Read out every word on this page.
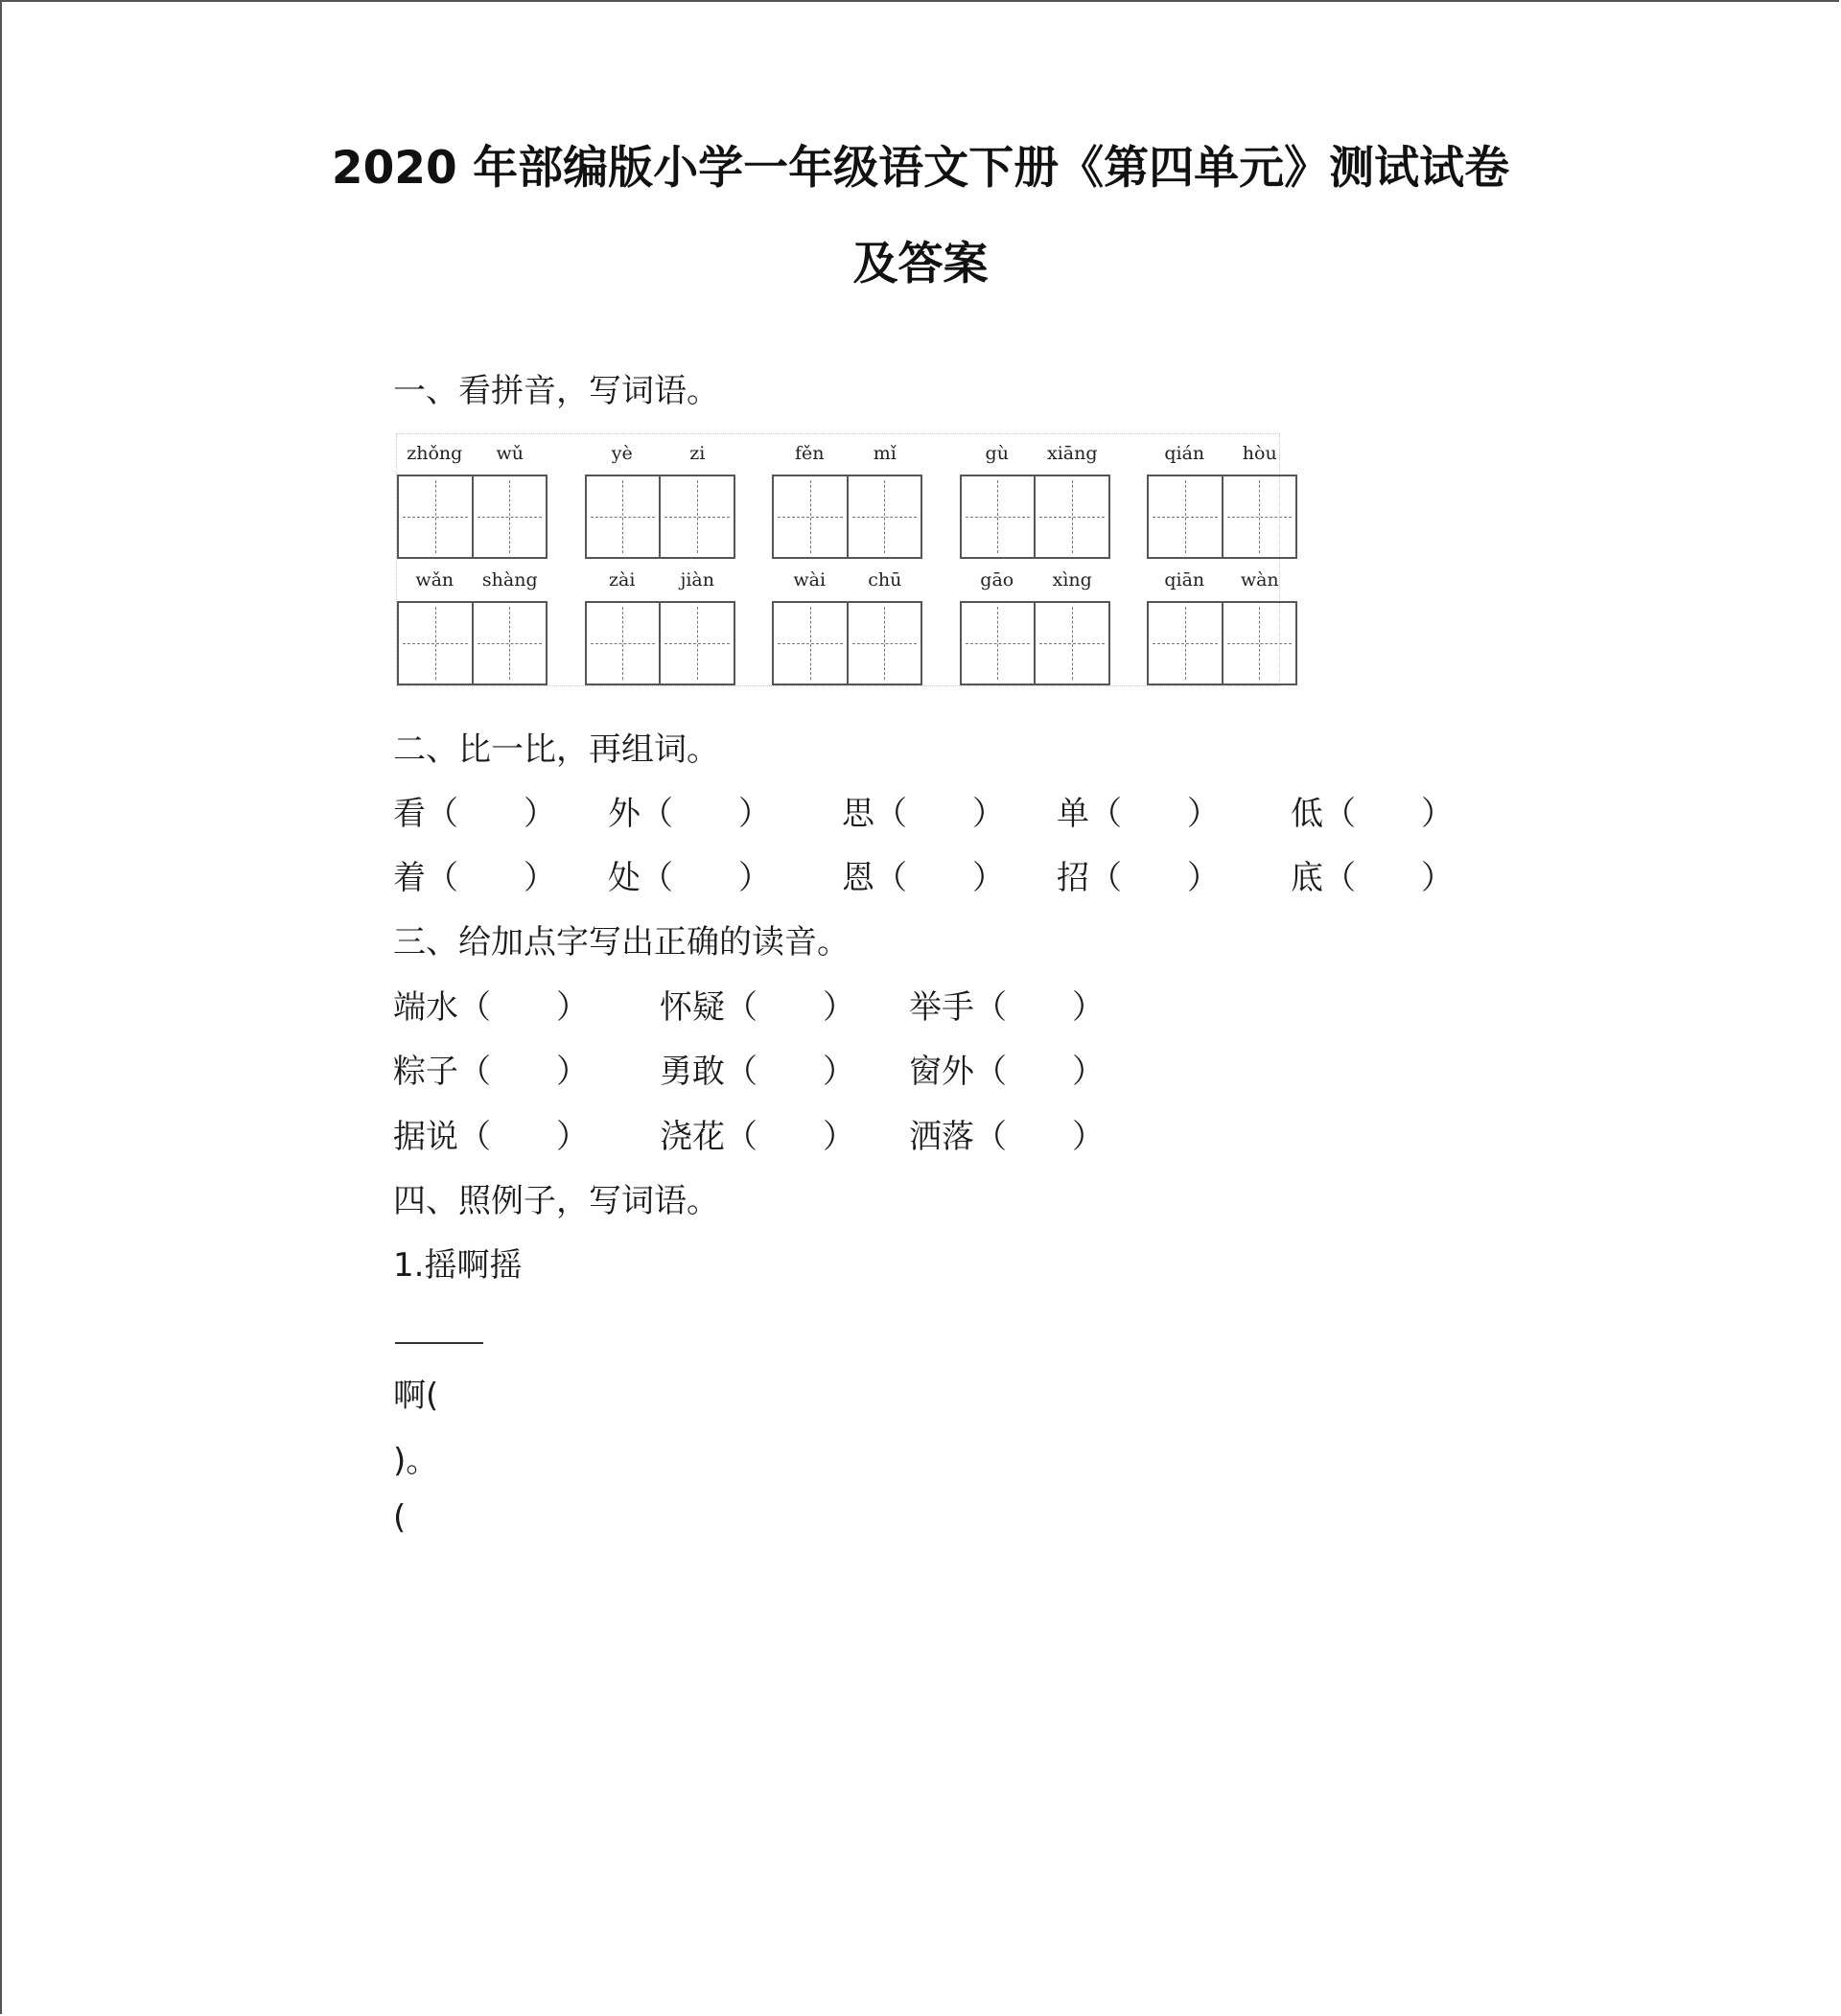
2020 年部编版小学一年级语文下册《第四单元》测试试卷
及答案
一、看拼音，写词语。
zhǒng	wǔ	yè	zi	fěn	mǐ	gù	xiāng	qián	hòu
wǎn	shàng	zài	jiàn	wài	chū	gāo	xìng	qiān	wàn
二、比一比，再组词。
看（　　） 外（　　） 思（　　） 单（　　） 低（　　）
着（　　） 处（　　） 恩（　　） 招（　　） 底（　　）
三、给加点字写出正确的读音。
端水（　　） 怀疑（　　） 举手（　　）
粽子（　　） 勇敢（　　） 窗外（　　）
据说（　　） 浇花（　　） 洒落（　　）
四、照例子，写词语。
1.摇啊摇
啊(
)。
(
